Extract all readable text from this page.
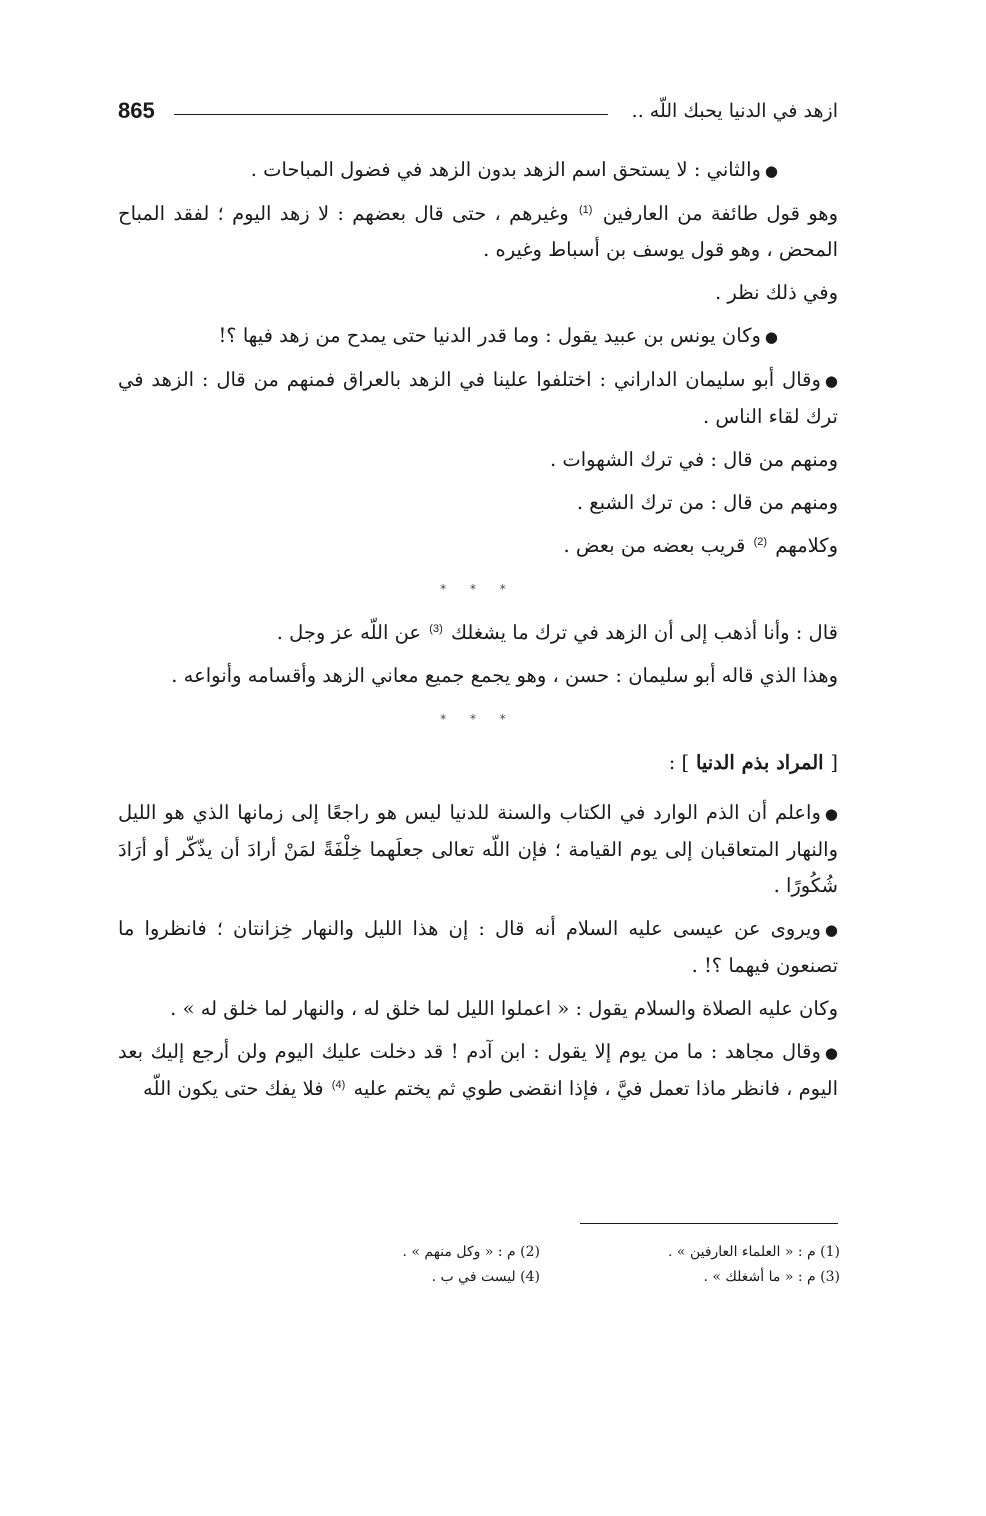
ازهد في الدنيا يحبك اللّه ..
865

●والثاني : لا يستحق اسم الزهد بدون الزهد في فضول المباحات .

وهو قول طائفة من العارفين $^{(1)}$ وغيرهم ، حتى قال بعضهم : لا زهد اليوم ؛ لفقد المباح المحض ، وهو قول يوسف بن أسباط وغيره .

وفي ذلك نظر .

●وكان يونس بن عبيد يقول : وما قدر الدنيا حتى يمدح من زهد فيها ؟!

●وقال أبو سليمان الداراني : اختلفوا علينا في الزهد بالعراق فمنهم من قال : الزهد في ترك لقاء الناس .

ومنهم من قال : في ترك الشهوات .

ومنهم من قال : من ترك الشبع .

وكلامهم $^{(2)}$ قريب بعضه من بعض .

* * *

قال : وأنا أذهب إلى أن الزهد في ترك ما يشغلك $^{(3)}$ عن اللّه عز وجل .

وهذا الذي قاله أبو سليمان : حسن ، وهو يجمع جميع معاني الزهد وأقسامه وأنواعه .

* * *

[ المراد بذم الدنيا ] :

●واعلم أن الذم الوارد في الكتاب والسنة للدنيا ليس هو راجعًا إلى زمانها الذي هو الليل والنهار المتعاقبان إلى يوم القيامة ؛ فإن اللّه تعالى جعلَهما خِلْفَةً لمَنْ أرادَ أن يذّكّر أو أرَادَ شُكُورًا .

●ويروى عن عيسى عليه السلام أنه قال : إن هذا الليل والنهار خِزانتان ؛ فانظروا ما تصنعون فيهما ؟! .

وكان عليه الصلاة والسلام يقول : « اعملوا الليل لما خلق له ، والنهار لما خلق له » .

●وقال مجاهد : ما من يوم إلا يقول : ابن آدم ! قد دخلت عليك اليوم ولن أرجع إليك بعد اليوم ، فانظر ماذا تعمل فيَّ ، فإذا انقضى طوي ثم يختم عليه $^{(4)}$ فلا يفك حتى يكون اللّه

(1) م : « العلماء العارفين » .
(2) م : « وكل منهم » .
(3) م : « ما أشغلك » .
(4) ليست في ب .
